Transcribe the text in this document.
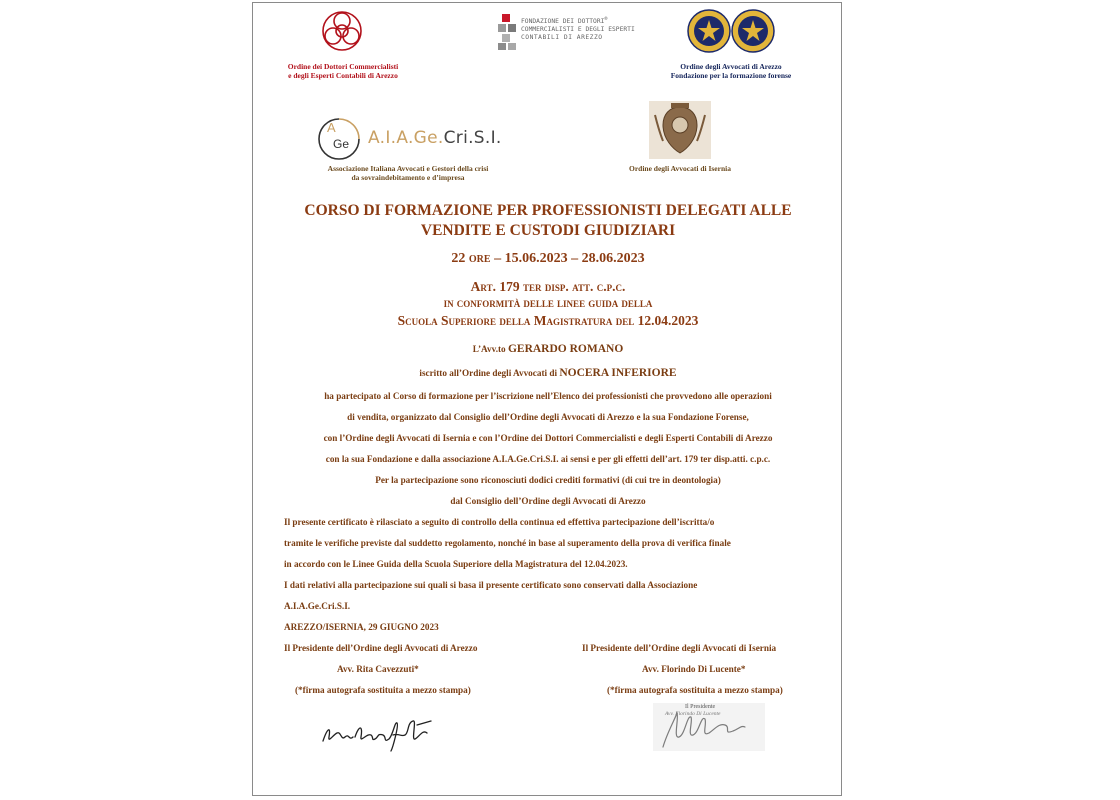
Ordine dei Dottori Commercialisti
e degli Esperti Contabili di Arezzo
FONDAZIONE DEI DOTTORI®
COMMERCIALISTI E DEGLI ESPERTI
CONTABILI DI AREZZO
Ordine degli Avvocati di Arezzo
Fondazione per la formazione forense
A
Ge A.I.A.Ge.Cri.S.I.
Associazione Italiana Avvocati e Gestori della crisi
da sovraindebitamento e d’impresa
Ordine degli Avvocati di Isernia
CORSO DI FORMAZIONE PER PROFESSIONISTI DELEGATI ALLE
VENDITE E CUSTODI GIUDIZIARI
22 ore – 15.06.2023 – 28.06.2023
Art. 179 ter disp. att. c.p.c.
in conformità delle linee guida della
Scuola Superiore della Magistratura del 12.04.2023
L’Avv.to GERARDO ROMANO
iscritto all’Ordine degli Avvocati di NOCERA INFERIORE
ha partecipato al Corso di formazione per l’iscrizione nell’Elenco dei professionisti che provvedono alle operazioni
di vendita, organizzato dal Consiglio dell’Ordine degli Avvocati di Arezzo e la sua Fondazione Forense,
con l’Ordine degli Avvocati di Isernia e con l’Ordine dei Dottori Commercialisti e degli Esperti Contabili di Arezzo
con la sua Fondazione e dalla associazione A.I.A.Ge.Cri.S.I. ai sensi e per gli effetti dell’art. 179 ter disp.atti. c.p.c.
Per la partecipazione sono riconosciuti dodici crediti formativi (di cui tre in deontologia)
dal Consiglio dell’Ordine degli Avvocati di Arezzo
Il presente certificato è rilasciato a seguito di controllo della continua ed effettiva partecipazione dell’iscritta/o
tramite le verifiche previste dal suddetto regolamento, nonché in base al superamento della prova di verifica finale
in accordo con le Linee Guida della Scuola Superiore della Magistratura del 12.04.2023.
I dati relativi alla partecipazione sui quali si basa il presente certificato sono conservati dalla Associazione
A.I.A.Ge.Cri.S.I.
AREZZO/ISERNIA, 29 GIUGNO 2023
Il Presidente dell’Ordine degli Avvocati di Arezzo
Avv. Rita Cavezzuti*
(*firma autografa sostituita a mezzo stampa)
Il Presidente dell’Ordine degli Avvocati di Isernia
Avv. Florindo Di Lucente*
(*firma autografa sostituita a mezzo stampa)
Il Presidente
Avv. Florindo Di Lucente
